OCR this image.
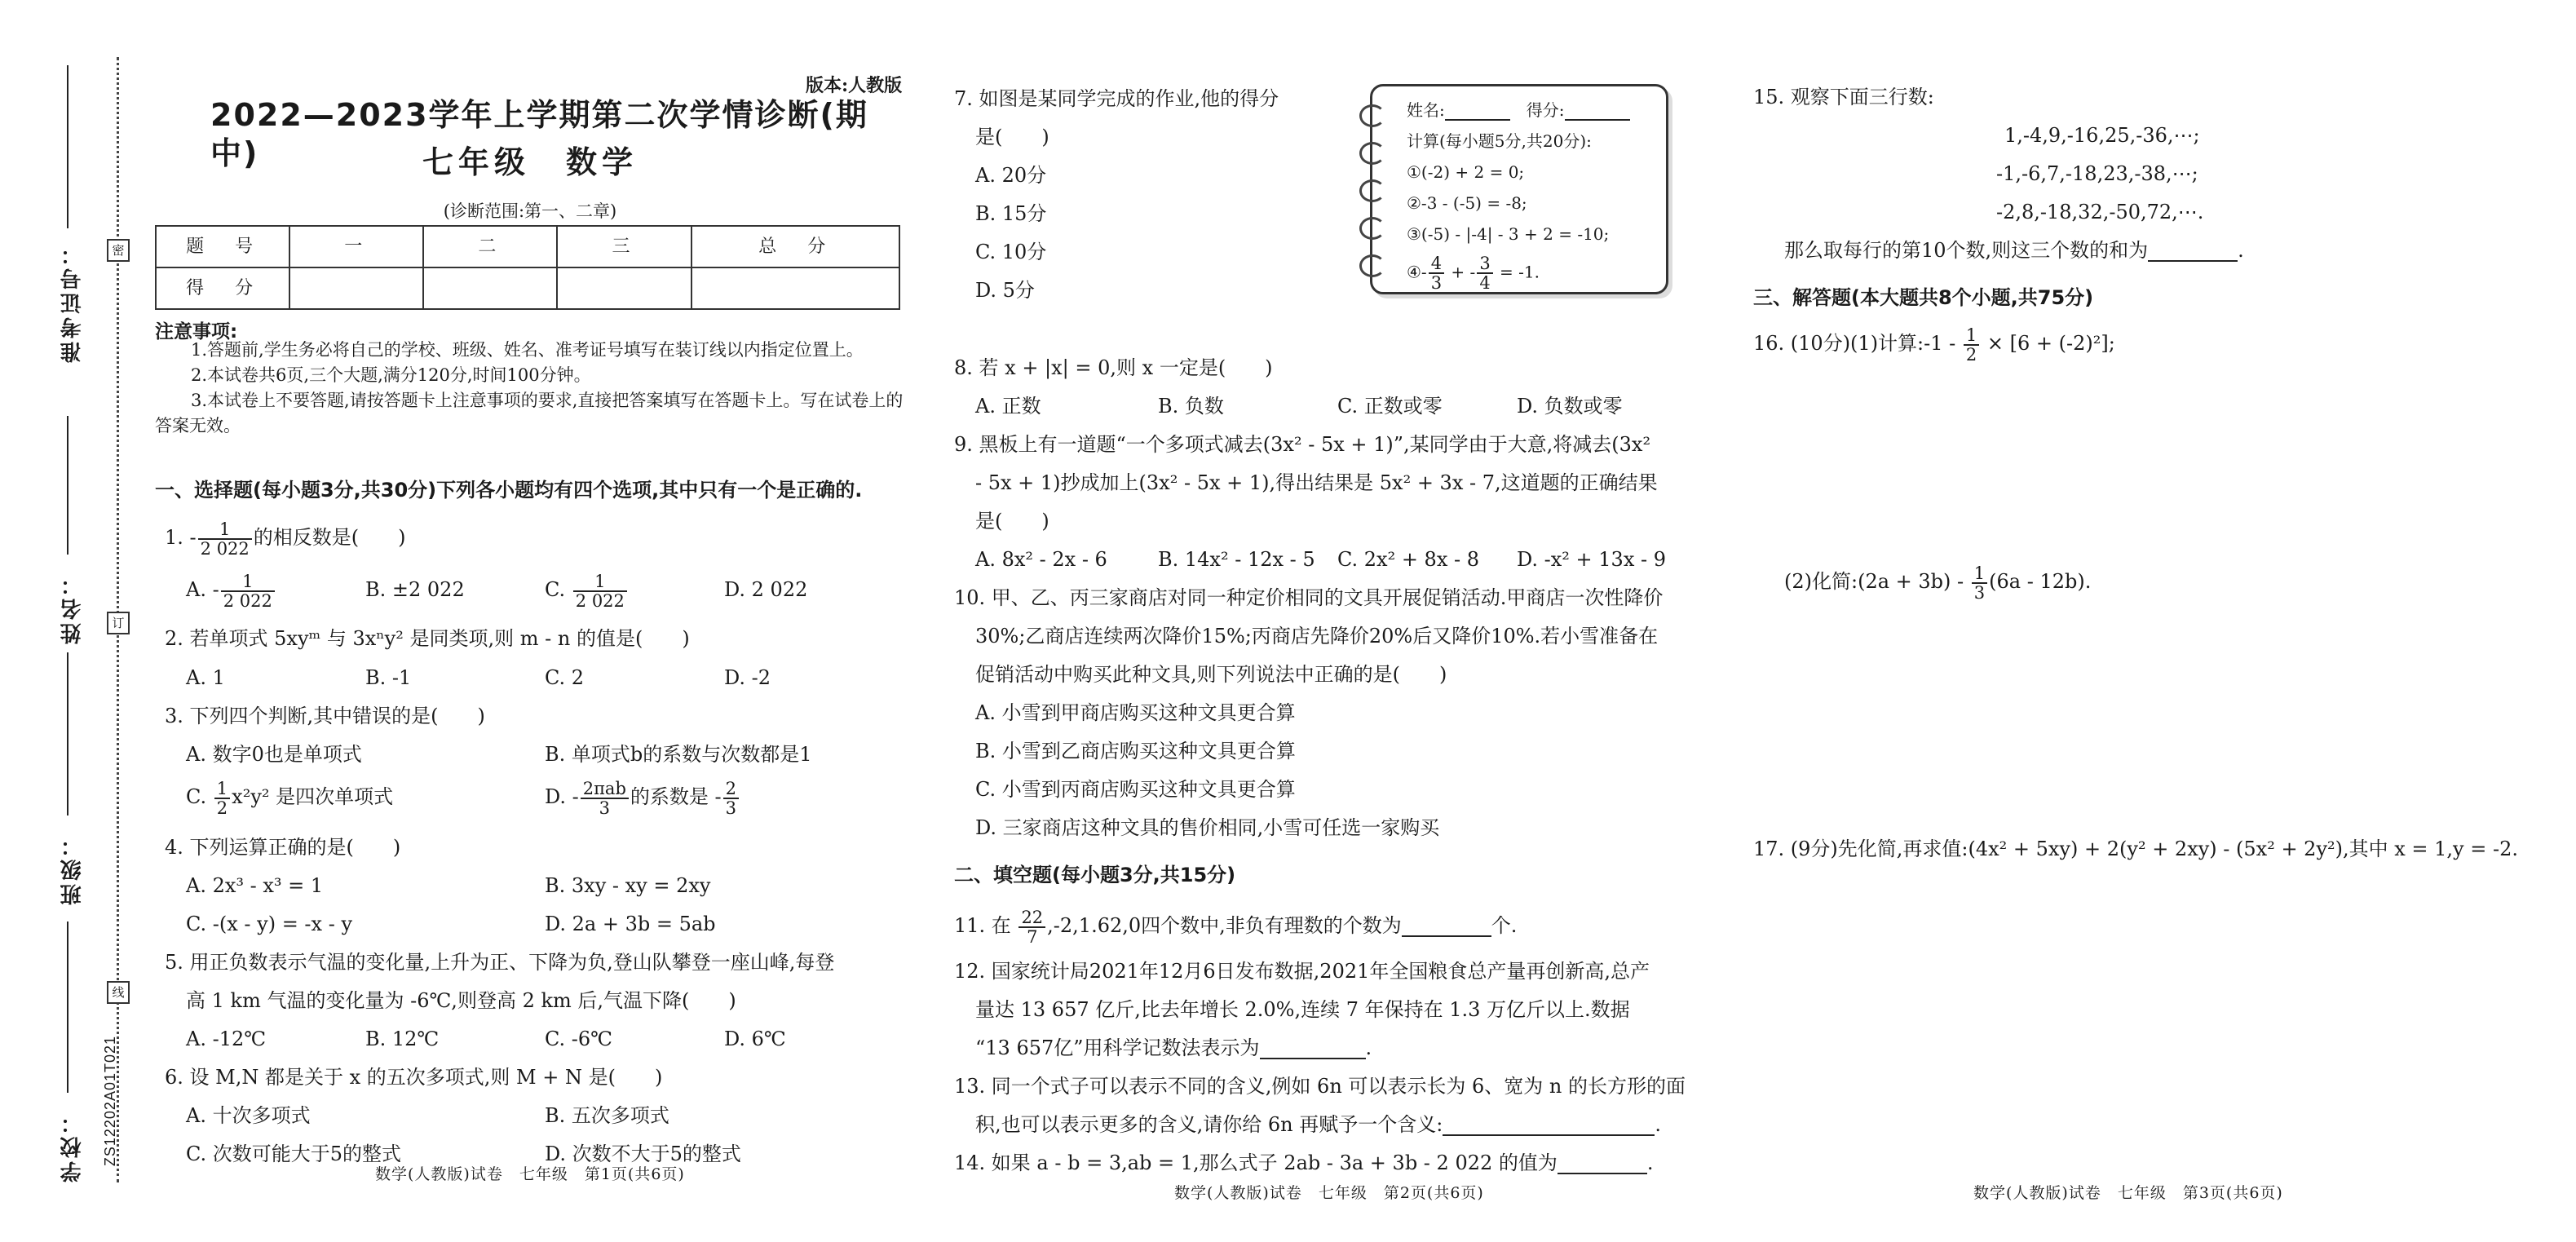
准考证号：
姓名：
班级：
学校：
密
订
线
ZS12202A01T021
版本:人教版
2022—2023学年上学期第二次学情诊断(期中)	七年级　数学
(诊断范围:第一、二章)
题　号	一	二	三	总　分
得　分				
注意事项:
1.答题前,学生务必将自己的学校、班级、姓名、准考证号填写在装订线以内指定位置上。
2.本试卷共6页,三个大题,满分120分,时间100分钟。
3.本试卷上不要答题,请按答题卡上注意事项的要求,直接把答案填写在答题卡上。写在试卷上的答案无效。
一、选择题(每小题3分,共30分)下列各小题均有四个选项,其中只有一个是正确的.
1. - $\frac{1}{2 022}$ 的相反数是(　　)
A. - $\frac{1}{2 022}$	B. ±2 022	C. $\frac{1}{2 022}$	D. 2 022
2. 若单项式 5xyᵐ 与 3xⁿy² 是同类项,则 m - n 的值是(　　)
A. 1	B. -1	C. 2	D. -2
3. 下列四个判断,其中错误的是(　　)
A. 数字0也是单项式	B. 单项式b的系数与次数都是1
C. $\frac{1}{2} x^2y^2$ 是四次单项式	D. - $\frac{\text{2πab}}{3}$ 的系数是 - $\frac{2}{3}$
4. 下列运算正确的是(　　)
A. 2x³ - x³ = 1	B. 3xy - xy = 2xy
C. -(x - y) = -x - y	D. 2a + 3b = 5ab
5. 用正负数表示气温的变化量,上升为正、下降为负,登山队攀登一座山峰,每登
高 1 km 气温的变化量为 -6℃,则登高 2 km 后,气温下降(　　)
A. -12℃	B. 12℃	C. -6℃	D. 6℃
6. 设 M,N 都是关于 x 的五次多项式,则 M + N 是(　　)
A. 十次多项式	B. 五次多项式
C. 次数可能大于5的整式	D. 次数不大于5的整式
数学(人教版)试卷　七年级　第1页(共6页)
7. 如图是某同学完成的作业,他的得分
是(　　)
A. 20分
B. 15分
C. 10分
D. 5分
姓名:　	得分:
计算(每小题5分,共20分):
①(-2) + 2 = 0;
②-3 - (-5) = -8;
③(-5) - |-4| - 3 + 2 = -10;
④- $\frac{4}{3}$ + - $\frac{3}{4} = -1$.
8. 若 x + |x| = 0,则 x 一定是(　　)
A. 正数	B. 负数	C. 正数或零	D. 负数或零
9. 黑板上有一道题“一个多项式减去(3x² - 5x + 1)”,某同学由于大意,将减去(3x²
- 5x + 1)抄成加上(3x² - 5x + 1),得出结果是 5x² + 3x - 7,这道题的正确结果
是(　　)
A. 8x² - 2x - 6	B. 14x² - 12x - 5 C. 2x² + 8x - 8 D. -x² + 13x - 9
10. 甲、乙、丙三家商店对同一种定价相同的文具开展促销活动.甲商店一次性降价
30%;乙商店连续两次降价15%;丙商店先降价20%后又降价10%.若小雪准备在
促销活动中购买此种文具,则下列说法中正确的是(　　)
A. 小雪到甲商店购买这种文具更合算
B. 小雪到乙商店购买这种文具更合算
C. 小雪到丙商店购买这种文具更合算
D. 三家商店这种文具的售价相同,小雪可任选一家购买
二、填空题(每小题3分,共15分)
11. 在 $\frac{22}{7} ,-2,1.62,0$四个数中,非负有理数的个数为	个.
12. 国家统计局2021年12月6日发布数据,2021年全国粮食总产量再创新高,总产
量达 13 657 亿斤,比去年增长 2.0%,连续 7 年保持在 1.3 万亿斤以上.数据
“13 657亿”用科学记数法表示为	.
13. 同一个式子可以表示不同的含义,例如 6n 可以表示长为 6、宽为 n 的长方形的面
积,也可以表示更多的含义,请你给 6n 再赋予一个含义:	.
14. 如果 a - b = 3,ab = 1,那么式子 2ab - 3a + 3b - 2 022 的值为	.
数学(人教版)试卷　七年级　第2页(共6页)
15. 观察下面三行数:
1,-4,9,-16,25,-36,⋯;
-1,-6,7,-18,23,-38,⋯;
-2,8,-18,32,-50,72,⋯.
那么取每行的第10个数,则这三个数的和为	.
三、解答题(本大题共8个小题,共75分)
16. (10分)(1)计算:-1 - $\frac{1}{2} \times [6 + (-2)^2]$;
(2)化简:(2a + $3b) - \frac{1}{3} (6a - 12b)$.
17. (9分)先化简,再求值:(4x² + 5xy) + 2(y² + 2xy) - (5x² + 2y²),其中 x = 1,y = -2.
数学(人教版)试卷　七年级　第3页(共6页)
